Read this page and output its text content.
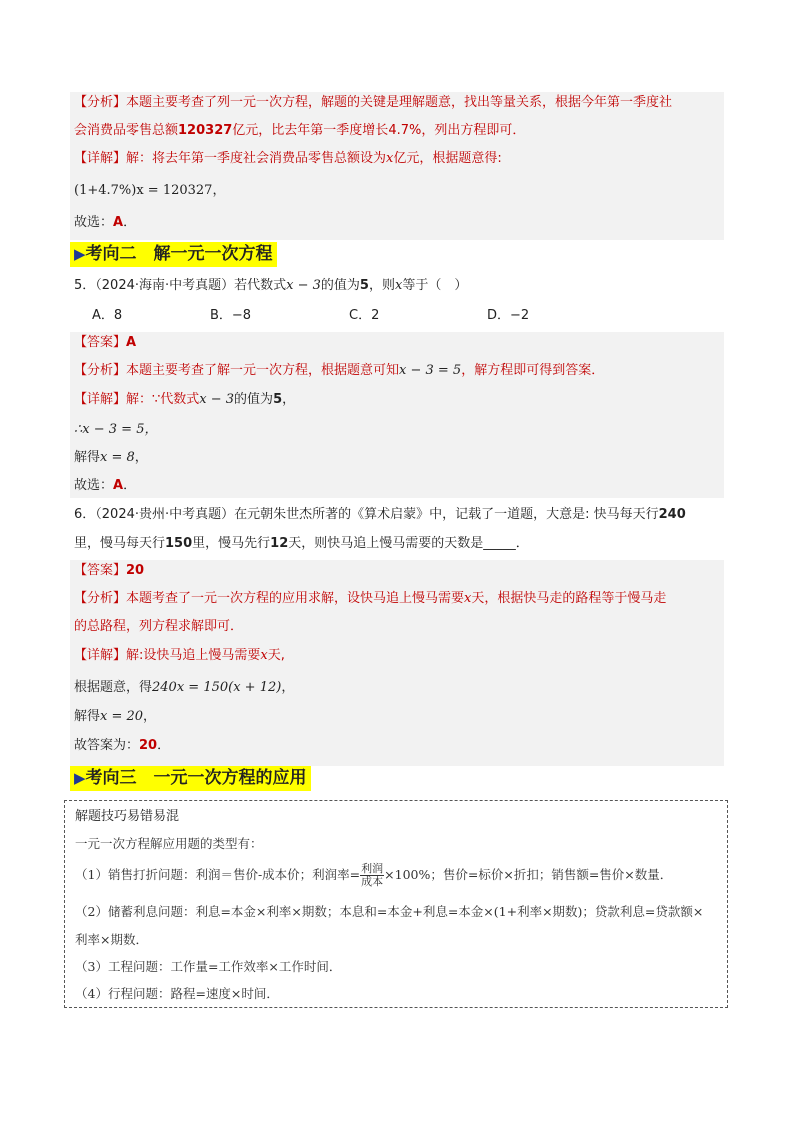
【分析】本题主要考查了列一元一次方程，解题的关键是理解题意，找出等量关系，根据今年第一季度社
会消费品零售总额120327亿元，比去年第一季度增长4.7%，列出方程即可．
【详解】解：将去年第一季度社会消费品零售总额设为x亿元，根据题意得:
(1+4.7%)x = 120327，
故选：A．
▶考向二　解一元一次方程
5．（2024·海南·中考真题）若代数式x − 3的值为5，则x等于（　）
A．8	B．−8	C．2	D．−2
【答案】A
【分析】本题主要考查了解一元一次方程，根据题意可知x − 3 = 5，解方程即可得到答案．
【详解】解：∵代数式x − 3的值为5，
∴x − 3 = 5，
解得x = 8，
故选：A．
6．（2024·贵州·中考真题）在元朝朱世杰所著的《算术启蒙》中，记载了一道题，大意是: 快马每天行240
里，慢马每天行150里，慢马先行12天，则快马追上慢马需要的天数是_____．
【答案】20
【分析】本题考查了一元一次方程的应用求解，设快马追上慢马需要x天，根据快马走的路程等于慢马走
的总路程，列方程求解即可．
【详解】解:设快马追上慢马需要x天,
根据题意，得240x = 150(x + 12)，
解得x = 20，
故答案为：20．
▶考向三　一元一次方程的应用
解题技巧易错易混
一元一次方程解应用题的类型有：
（1）销售打折问题：利润＝售价-成本价；利润率= $\frac{\text{利润}}{\text{成本}} \times 100\%$；售价=标价×折扣；销售额=售价×数量．
（2）储蓄利息问题：利息=本金×利率×期数；本息和=本金+利息=本金×(1+利率×期数)；贷款利息=贷款额×
利率×期数．
（3）工程问题：工作量=工作效率×工作时间．
（4）行程问题：路程=速度×时间．
